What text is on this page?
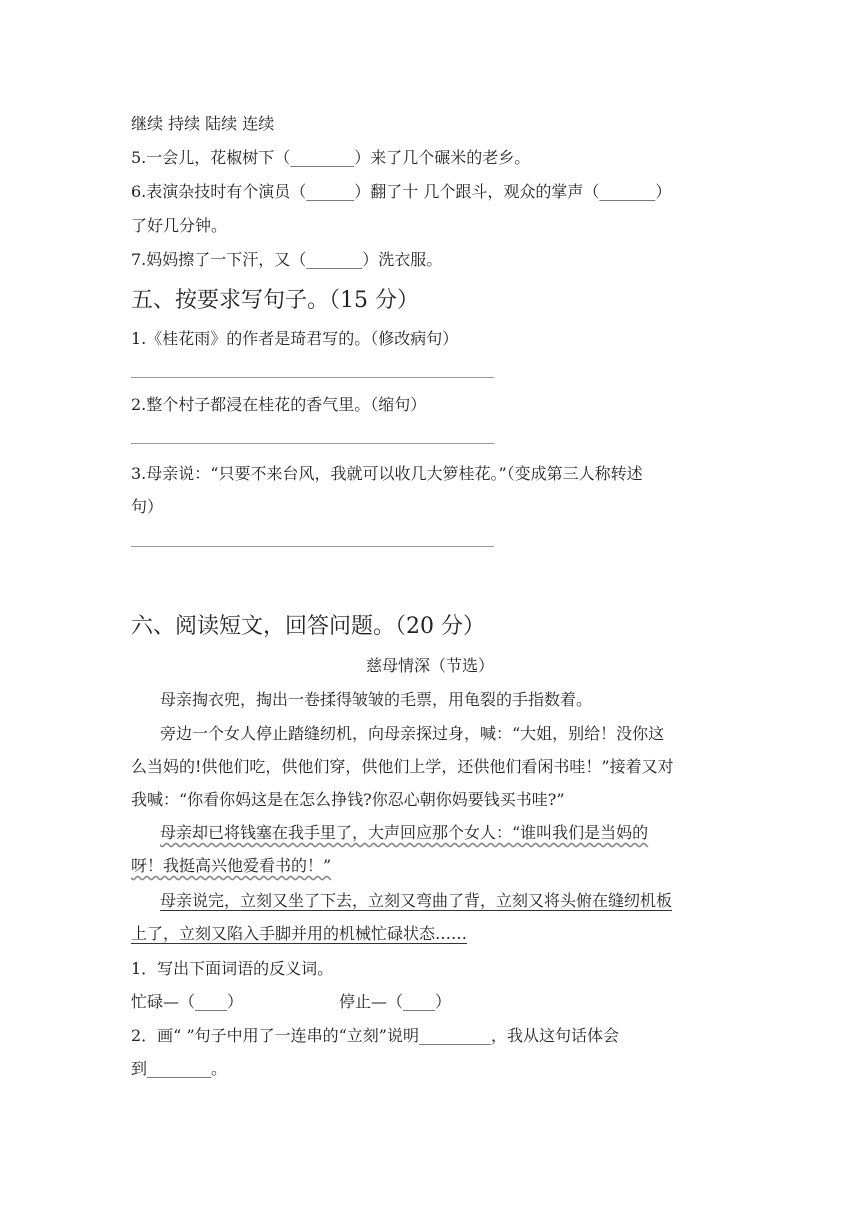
继续 持续 陆续 连续
5.一会儿，花椒树下（________）来了几个碾米的老乡。
6.表演杂技时有个演员（______）翻了十 几个跟斗，观众的掌声（_______）
了好几分钟。
7.妈妈擦了一下汗，又（_______）洗衣服。
五、按要求写句子。（15 分）
1.《桂花雨》的作者是琦君写的。（修改病句）
2.整个村子都浸在桂花的香气里。（缩句）
3.母亲说：“只要不来台风，我就可以收几大箩桂花。”（变成第三人称转述
句）
六、阅读短文，回答问题。（20 分）
慈母情深（节选）
母亲掏衣兜，掏出一卷揉得皱皱的毛票，用龟裂的手指数着。
旁边一个女人停止踏缝纫机，向母亲探过身，喊：“大姐，别给！没你这
么当妈的!供他们吃，供他们穿，供他们上学，还供他们看闲书哇！”接着又对
我喊：“你看你妈这是在怎么挣钱?你忍心朝你妈要钱买书哇?”
母亲却已将钱塞在我手里了，大声回应那个女人：“谁叫我们是当妈的
呀！我挺高兴他爱看书的！”
母亲说完，立刻又坐了下去，立刻又弯曲了背，立刻又将头俯在缝纫机板
上了，立刻又陷入手脚并用的机械忙碌状态……
1．写出下面词语的反义词。
忙碌—（____）	停止—（____）
2．画“ ”句子中用了一连串的“立刻”说明_________，我从这句话体会
到________。
